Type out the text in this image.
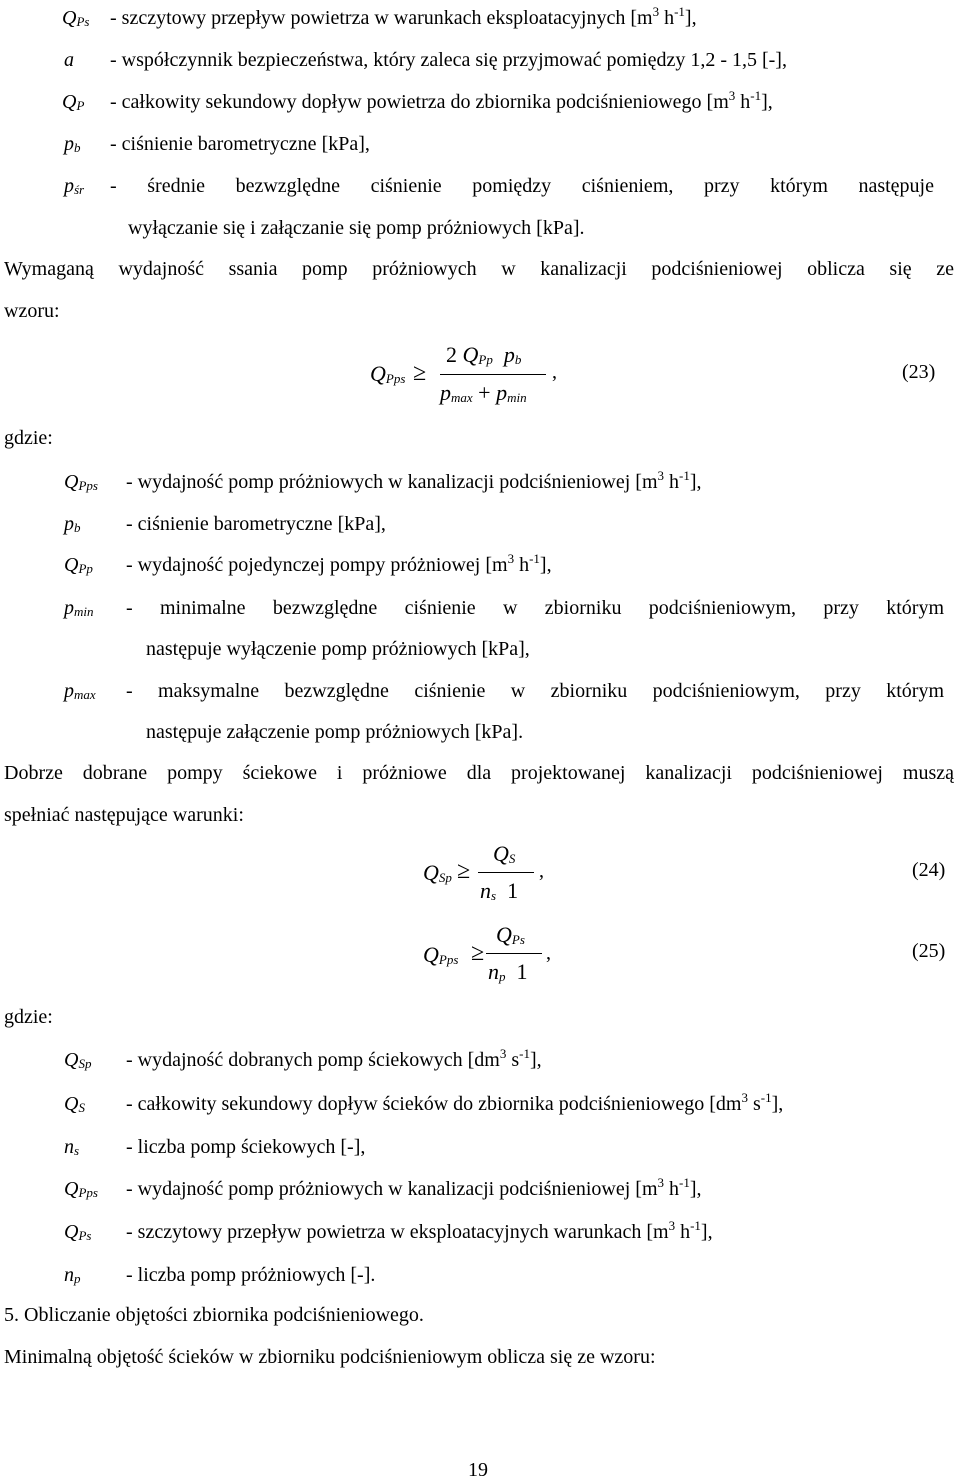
$Q_{Ps}$ - szczytowy przepływ powietrza w warunkach eksploatacyjnych [$m^3$ $h^{-1}$],
a - współczynnik bezpieczeństwa, który zaleca się przyjmować pomiędzy 1,2 - 1,5 [-],
$Q_P$ - całkowity sekundowy dopływ powietrza do zbiornika podciśnieniowego [$m^3$ $h^{-1}$],
$p_b$ - ciśnienie barometryczne [kPa],
$p_{śr}$ - średnie bezwzględne ciśnienie pomiędzy ciśnieniem, przy którym następuje
wyłączanie się i załączanie się pomp próżniowych [kPa].
Wymaganą wydajność ssania pomp próżniowych w kanalizacji podciśnieniowej oblicza się ze
wzoru:
$Q_{Pps}$ ≥
2 $Q_{Pp}$ $p_b$
$p_{max} + p_{min}$
,	(23)
gdzie:
$Q_{Pps}$ - wydajność pomp próżniowych w kanalizacji podciśnieniowej [$m^3$ $h^{-1}$],
$p_b$ - ciśnienie barometryczne [kPa],
$Q_{Pp}$ - wydajność pojedynczej pompy próżniowej [$m^3$ $h^{-1}$],
$p_{min}$ - minimalne bezwzględne ciśnienie w zbiorniku podciśnieniowym, przy którym
następuje wyłączenie pomp próżniowych [kPa],
$p_{max}$ - maksymalne bezwzględne ciśnienie w zbiorniku podciśnieniowym, przy którym
następuje załączenie pomp próżniowych [kPa].
Dobrze dobrane pompy ściekowe i próżniowe dla projektowanej kanalizacji podciśnieniowej muszą
spełniać następujące warunki:
$Q_{Sp}$ ≥
$Q_S$
$n_s$ 1
,	(24)
$Q_{Pps}$ ≥
$Q_{Ps}$
$n_p$ 1
,	(25)
gdzie:
$Q_{Sp}$ - wydajność dobranych pomp ściekowych [$dm^3$ $s^{-1}$],
$Q_S$ - całkowity sekundowy dopływ ścieków do zbiornika podciśnieniowego [$dm^3$ $s^{-1}$],
$n_s$ - liczba pomp ściekowych [-],
$Q_{Pps}$ - wydajność pomp próżniowych w kanalizacji podciśnieniowej [$m^3$ $h^{-1}$],
$Q_{Ps}$ - szczytowy przepływ powietrza w eksploatacyjnych warunkach [$m^3$ $h^{-1}$],
$n_p$ - liczba pomp próżniowych [-].
5. Obliczanie objętości zbiornika podciśnieniowego.
Minimalną objętość ścieków w zbiorniku podciśnieniowym oblicza się ze wzoru:
19
